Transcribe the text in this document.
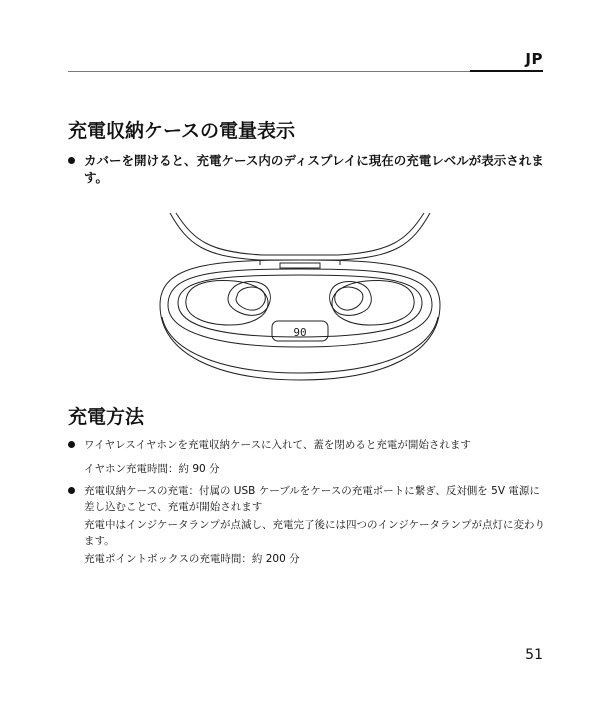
JP
充電収納ケースの電量表示
カバーを開けると、充電ケース内のディスプレイに現在の充電レベルが表示されます。
90
充電方法
ワイヤレスイヤホンを充電収納ケースに入れて、蓋を閉めると充電が開始されます
イヤホン充電時間：約 90 分
充電収納ケースの充電：付属の USB ケーブルをケースの充電ポートに繋ぎ、反対側を 5V 電源に差し込むことで、充電が開始されます
充電中はインジケータランプが点滅し、充電完了後には四つのインジケータランプが点灯に変わります。
充電ポイントボックスの充電時間：約 200 分
51
